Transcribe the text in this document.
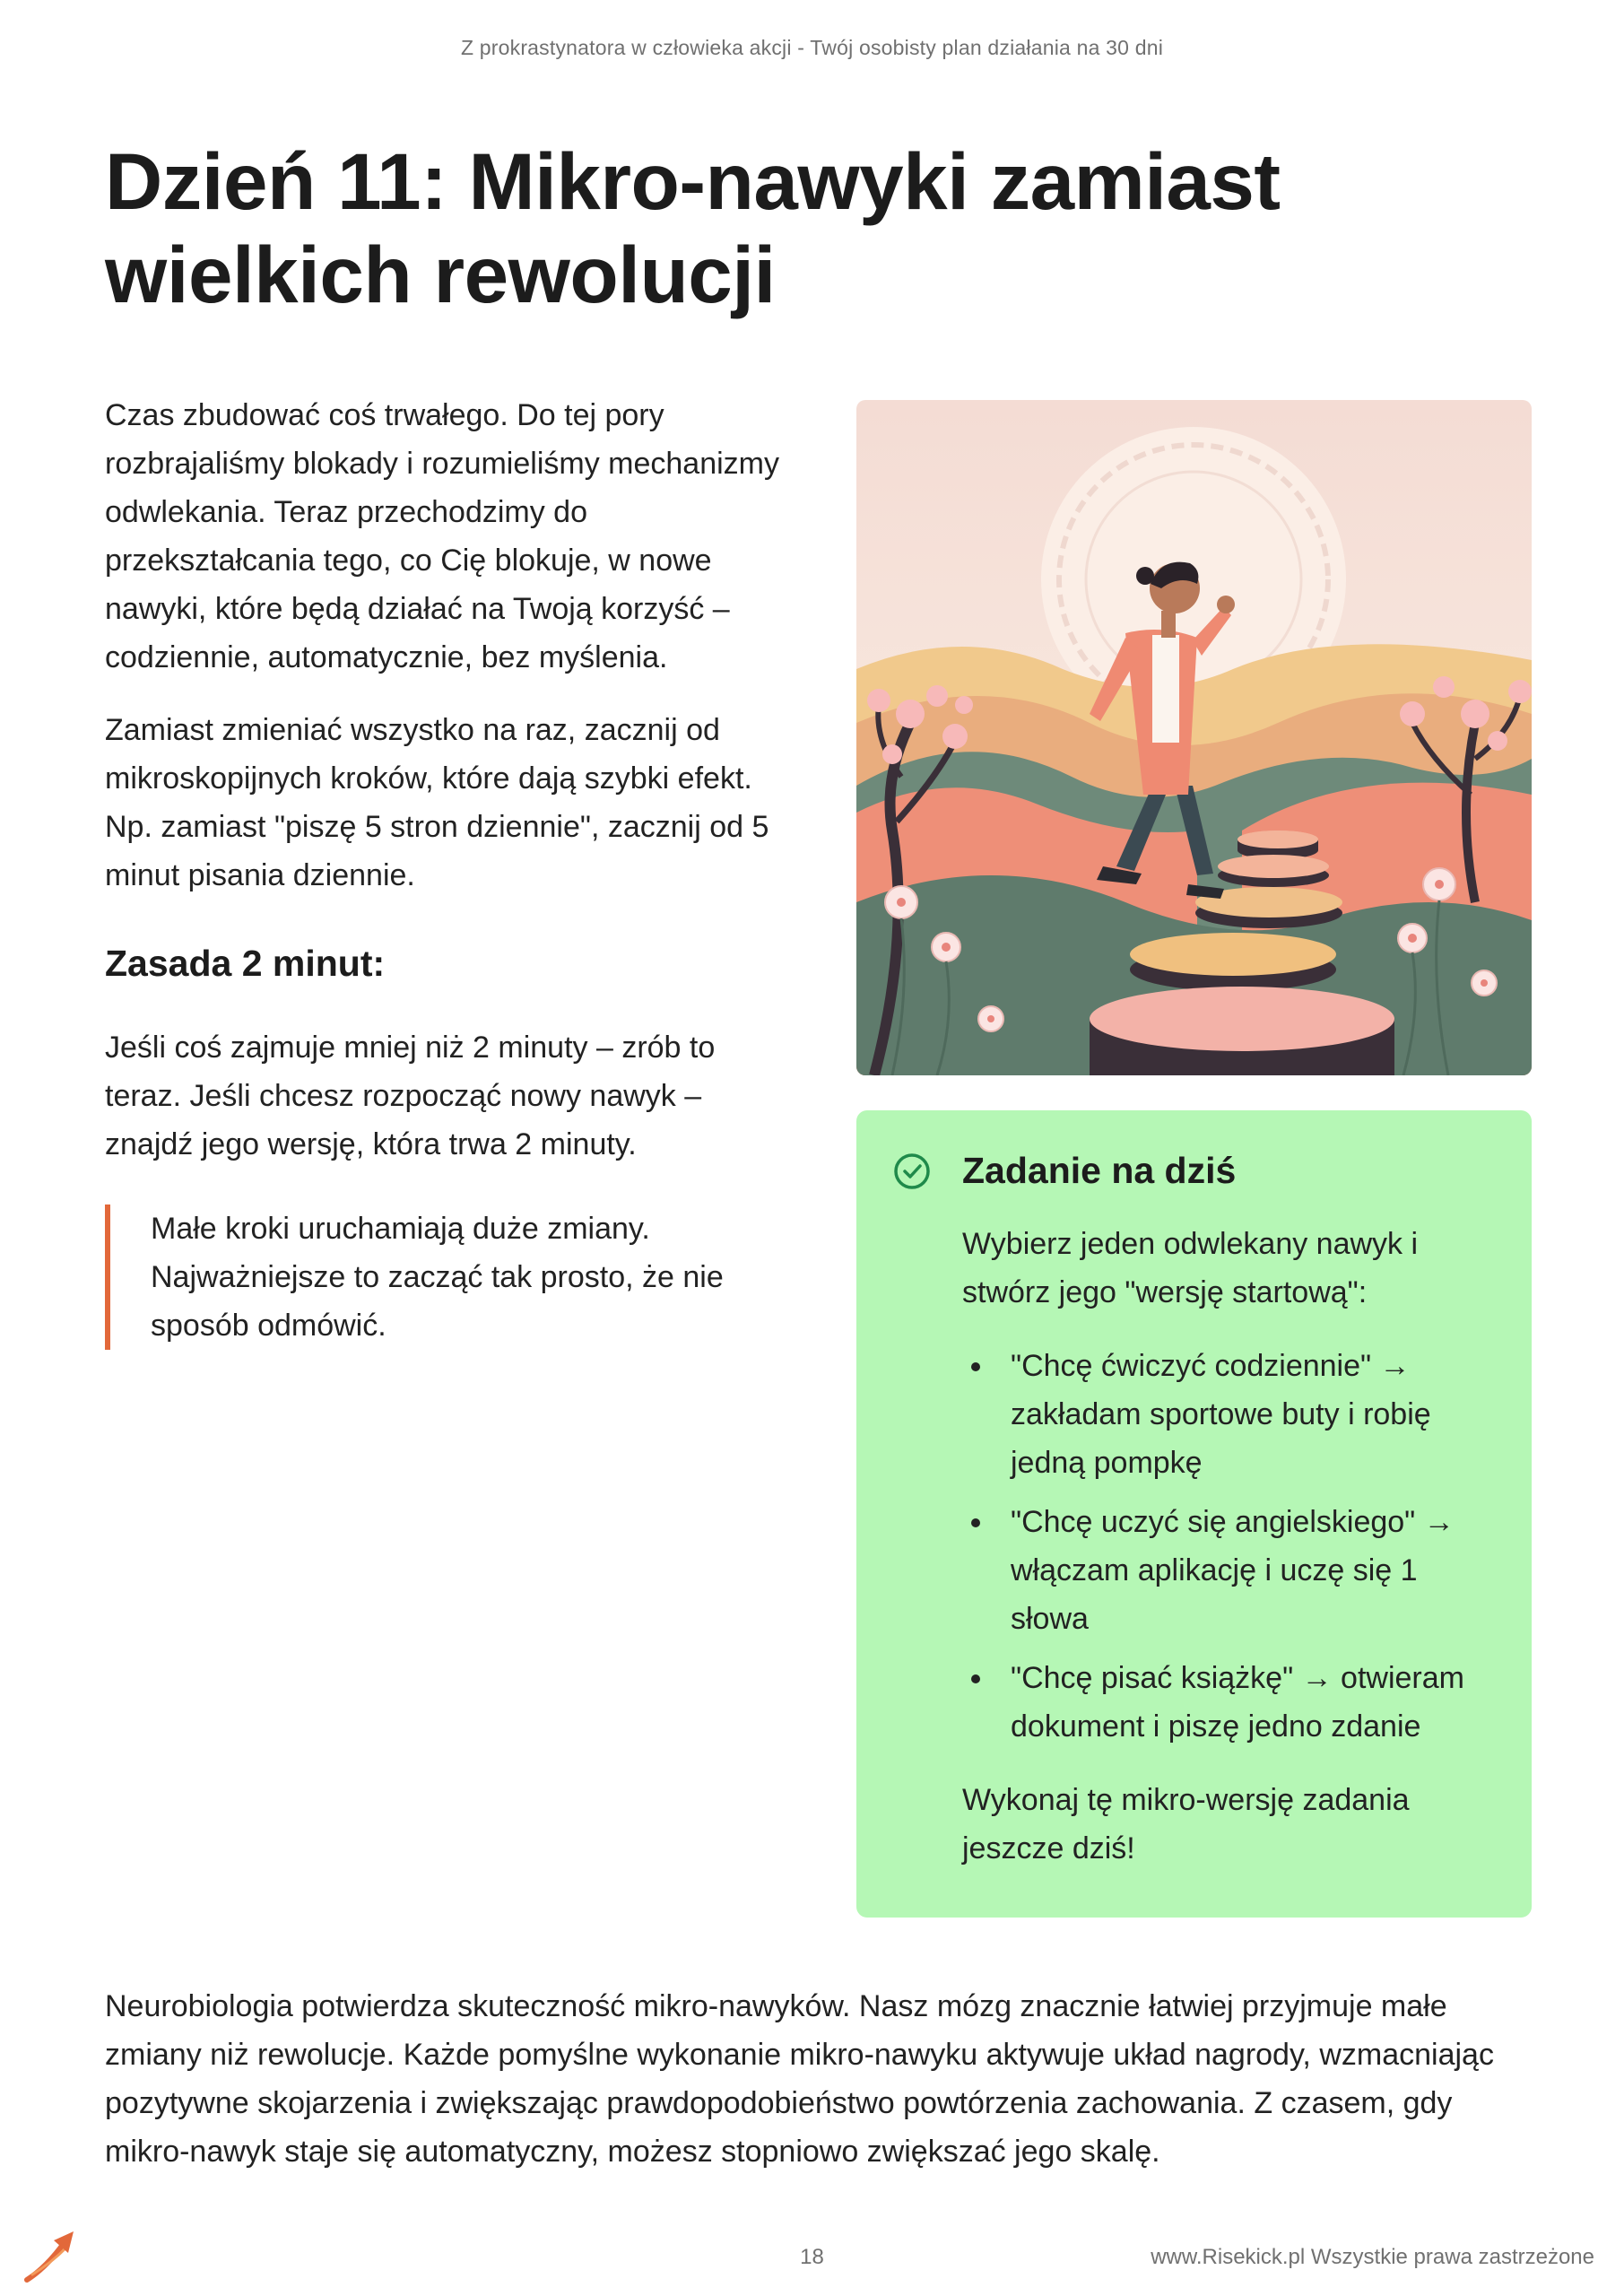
Z prokrastynatora w człowieka akcji - Twój osobisty plan działania na 30 dni
Dzień 11: Mikro-nawyki zamiast wielkich rewolucji

Czas zbudować coś trwałego. Do tej pory rozbrajaliśmy blokady i rozumieliśmy mechanizmy odwlekania. Teraz przechodzimy do przekształcania tego, co Cię blokuje, w nowe nawyki, które będą działać na Twoją korzyść – codziennie, automatycznie, bez myślenia.

Zamiast zmieniać wszystko na raz, zacznij od mikroskopijnych kroków, które dają szybki efekt. Np. zamiast "piszę 5 stron dziennie", zacznij od 5 minut pisania dziennie.

Zasada 2 minut:

Jeśli coś zajmuje mniej niż 2 minuty – zrób to teraz. Jeśli chcesz rozpocząć nowy nawyk – znajdź jego wersję, która trwa 2 minuty.

Małe kroki uruchamiają duże zmiany. Najważniejsze to zacząć tak prosto, że nie sposób odmówić.
Zadanie na dziś

Wybierz jeden odwlekany nawyk i stwórz jego "wersję startową":

"Chcę ćwiczyć codziennie" → zakładam sportowe buty i robię jedną pompkę
"Chcę uczyć się angielskiego" → włączam aplikację i uczę się 1 słowa
"Chcę pisać książkę" → otwieram dokument i piszę jedno zdanie

Wykonaj tę mikro-wersję zadania jeszcze dziś!

Neurobiologia potwierdza skuteczność mikro-nawyków. Nasz mózg znacznie łatwiej przyjmuje małe zmiany niż rewolucje. Każde pomyślne wykonanie mikro-nawyku aktywuje układ nagrody, wzmacniając pozytywne skojarzenia i zwiększając prawdopodobieństwo powtórzenia zachowania. Z czasem, gdy mikro-nawyk staje się automatyczny, możesz stopniowo zwiększać jego skalę.

18	www.Risekick.pl Wszystkie prawa zastrzeżone
